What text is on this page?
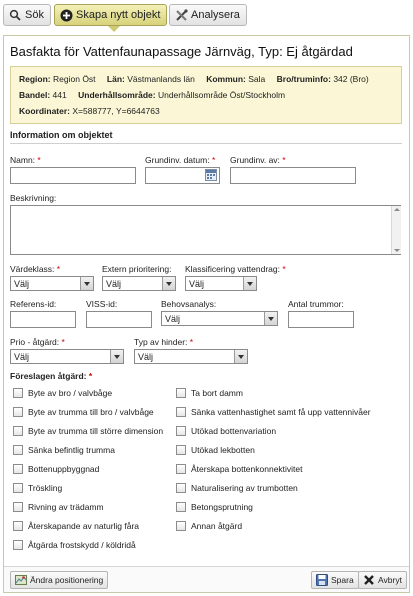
Sök	Skapa nytt objekt	Analysera
Basfakta för Vattenfaunapassage Järnväg, Typ: Ej åtgärdad
Region: Region Öst Län: Västmanlands län Kommun: Sala Bro/truminfo: 342 (Bro)
Bandel: 441 Underhållsområde: Underhållsområde Öst/Stockholm
Koordinater: X=588777, Y=6644763
Information om objektet
Namn: *	Grundinv. datum: * Grundinv. av: *
Beskrivning:
Värdeklass: *
Välj
Extern prioritering:
Välj
Klassificering vattendrag: *
Välj
Referens-id:	VISS-id:	Behovsanalys:
Välj
Antal trummor:
Prio - åtgärd: *
Välj
Typ av hinder: *
Välj
Föreslagen åtgärd: *
Byte av bro / valvbåge
Byte av trumma till bro / valvbåge
Byte av trumma till större dimension
Sänka befintlig trumma
Bottenuppbyggnad
Tröskling
Rivning av trädamm
Återskapande av naturlig fåra
Åtgärda frostskydd / köldridå
Ta bort damm
Sänka vattenhastighet samt få upp vattennivåer
Utökad bottenvariation
Utökad lekbotten
Återskapa bottenkonnektivitet
Naturalisering av trumbotten
Betongsprutning
Annan åtgärd
Ändra positionering	Spara	Avbryt
